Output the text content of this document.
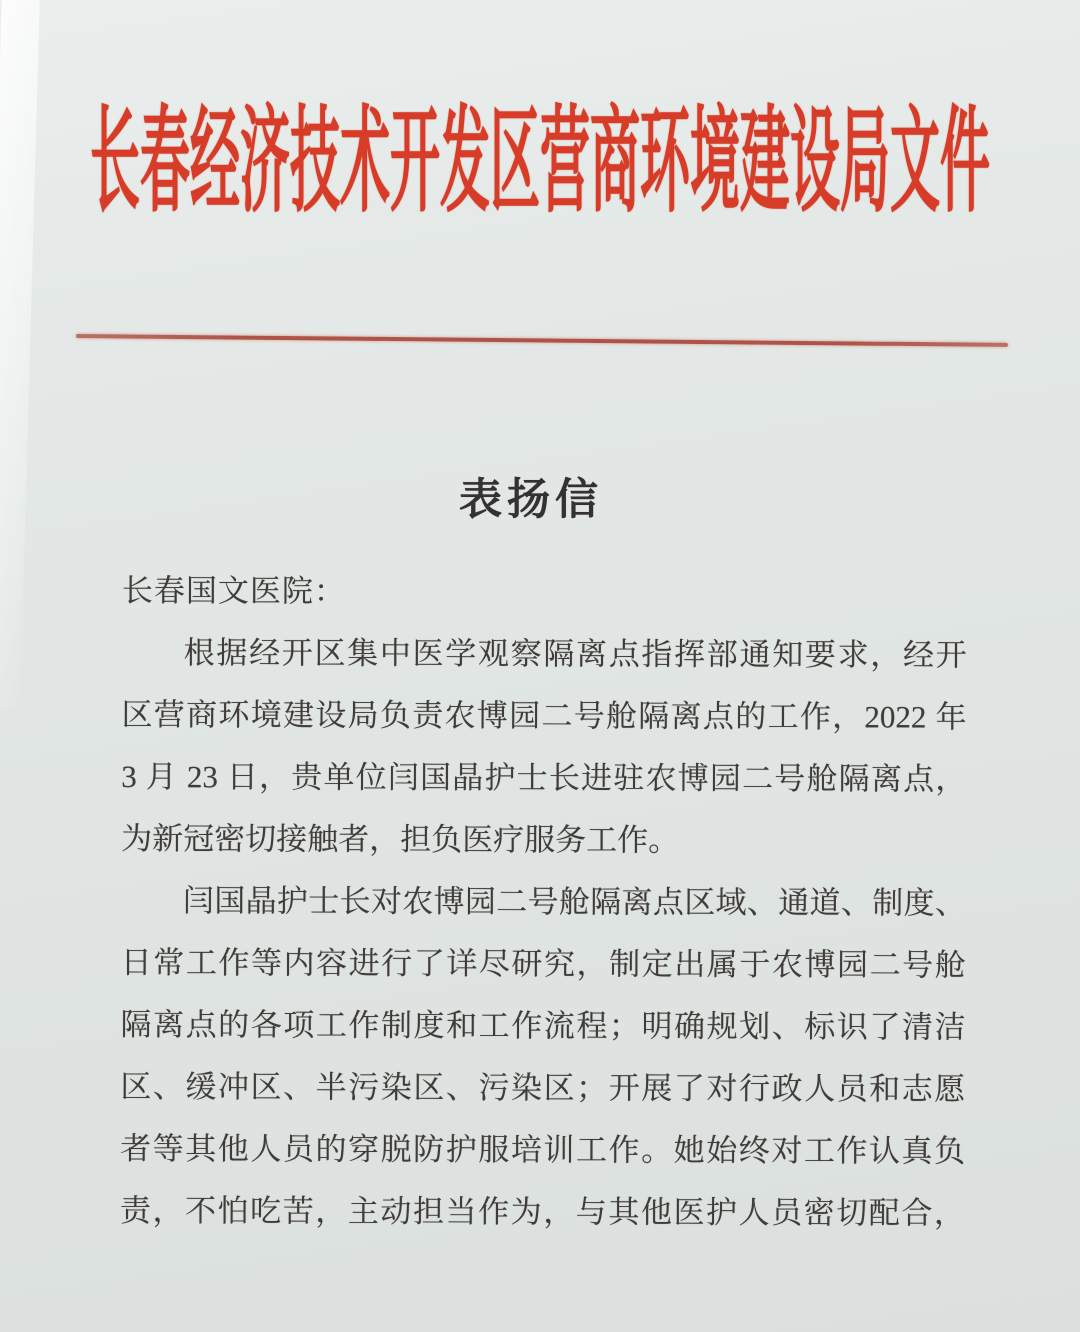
长春经济技术开发区营商环境建设局文件
表扬信
长春国文医院：
根据经开区集中医学观察隔离点指挥部通知要求，经开
区营商环境建设局负责农博园二号舱隔离点的工作，2022 年
3 月 23 日，贵单位闫国晶护士长进驻农博园二号舱隔离点，
为新冠密切接触者，担负医疗服务工作。
闫国晶护士长对农博园二号舱隔离点区域、通道、制度、
日常工作等内容进行了详尽研究，制定出属于农博园二号舱
隔离点的各项工作制度和工作流程；明确规划、标识了清洁
区、缓冲区、半污染区、污染区；开展了对行政人员和志愿
者等其他人员的穿脱防护服培训工作。她始终对工作认真负
责，不怕吃苦，主动担当作为，与其他医护人员密切配合，
